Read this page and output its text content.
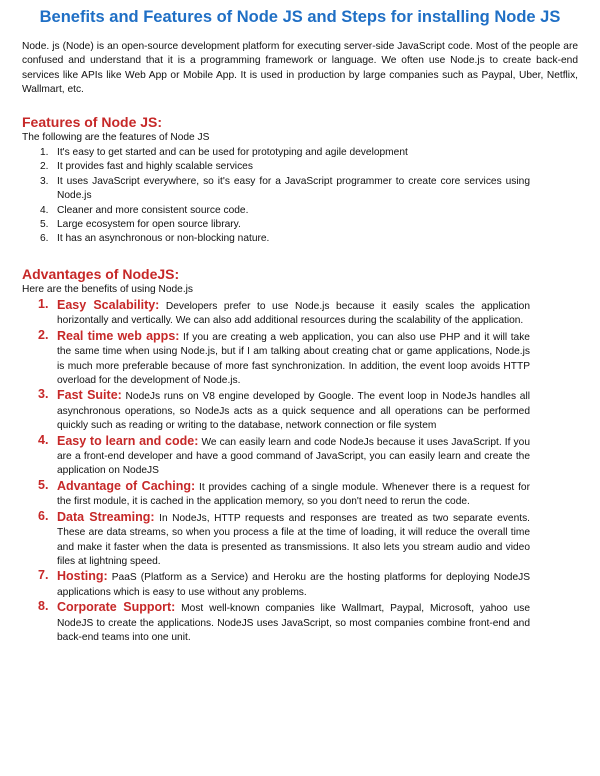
Benefits and Features of Node JS and Steps for installing Node JS

Node. js (Node) is an open-source development platform for executing server-side JavaScript code. Most of the people are confused and understand that it is a programming framework or language. We often use Node.js to create back-end services like APIs like Web App or Mobile App. It is used in production by large companies such as Paypal, Uber, Netflix, Wallmart, etc.

Features of Node JS:

The following are the features of Node JS

1. It's easy to get started and can be used for prototyping and agile development
2. It provides fast and highly scalable services
3. It uses JavaScript everywhere, so it's easy for a JavaScript programmer to create core services using Node.js
4. Cleaner and more consistent source code.
5. Large ecosystem for open source library.
6. It has an asynchronous or non-blocking nature.
Advantages of NodeJS:

Here are the benefits of using Node.js

1. Easy Scalability: Developers prefer to use Node.js because it easily scales the application horizontally and vertically. We can also add additional resources during the scalability of the application.
2. Real time web apps: If you are creating a web application, you can also use PHP and it will take the same time when using Node.js, but if I am talking about creating chat or game applications, Node.js is much more preferable because of more fast synchronization. In addition, the event loop avoids HTTP overload for the development of Node.js.
3. Fast Suite: NodeJs runs on V8 engine developed by Google. The event loop in NodeJs handles all asynchronous operations, so NodeJs acts as a quick sequence and all operations can be performed quickly such as reading or writing to the database, network connection or file system
4. Easy to learn and code: We can easily learn and code NodeJs because it uses JavaScript. If you are a front-end developer and have a good command of JavaScript, you can easily learn and create the application on NodeJS
5. Advantage of Caching: It provides caching of a single module. Whenever there is a request for the first module, it is cached in the application memory, so you don't need to rerun the code.
6. Data Streaming: In NodeJs, HTTP requests and responses are treated as two separate events. These are data streams, so when you process a file at the time of loading, it will reduce the overall time and make it faster when the data is presented as transmissions. It also lets you stream audio and video files at lightning speed.
7. Hosting: PaaS (Platform as a Service) and Heroku are the hosting platforms for deploying NodeJS applications which is easy to use without any problems.
8. Corporate Support: Most well-known companies like Wallmart, Paypal, Microsoft, yahoo use NodeJS to create the applications. NodeJS uses JavaScript, so most companies combine front-end and back-end teams into one unit.
